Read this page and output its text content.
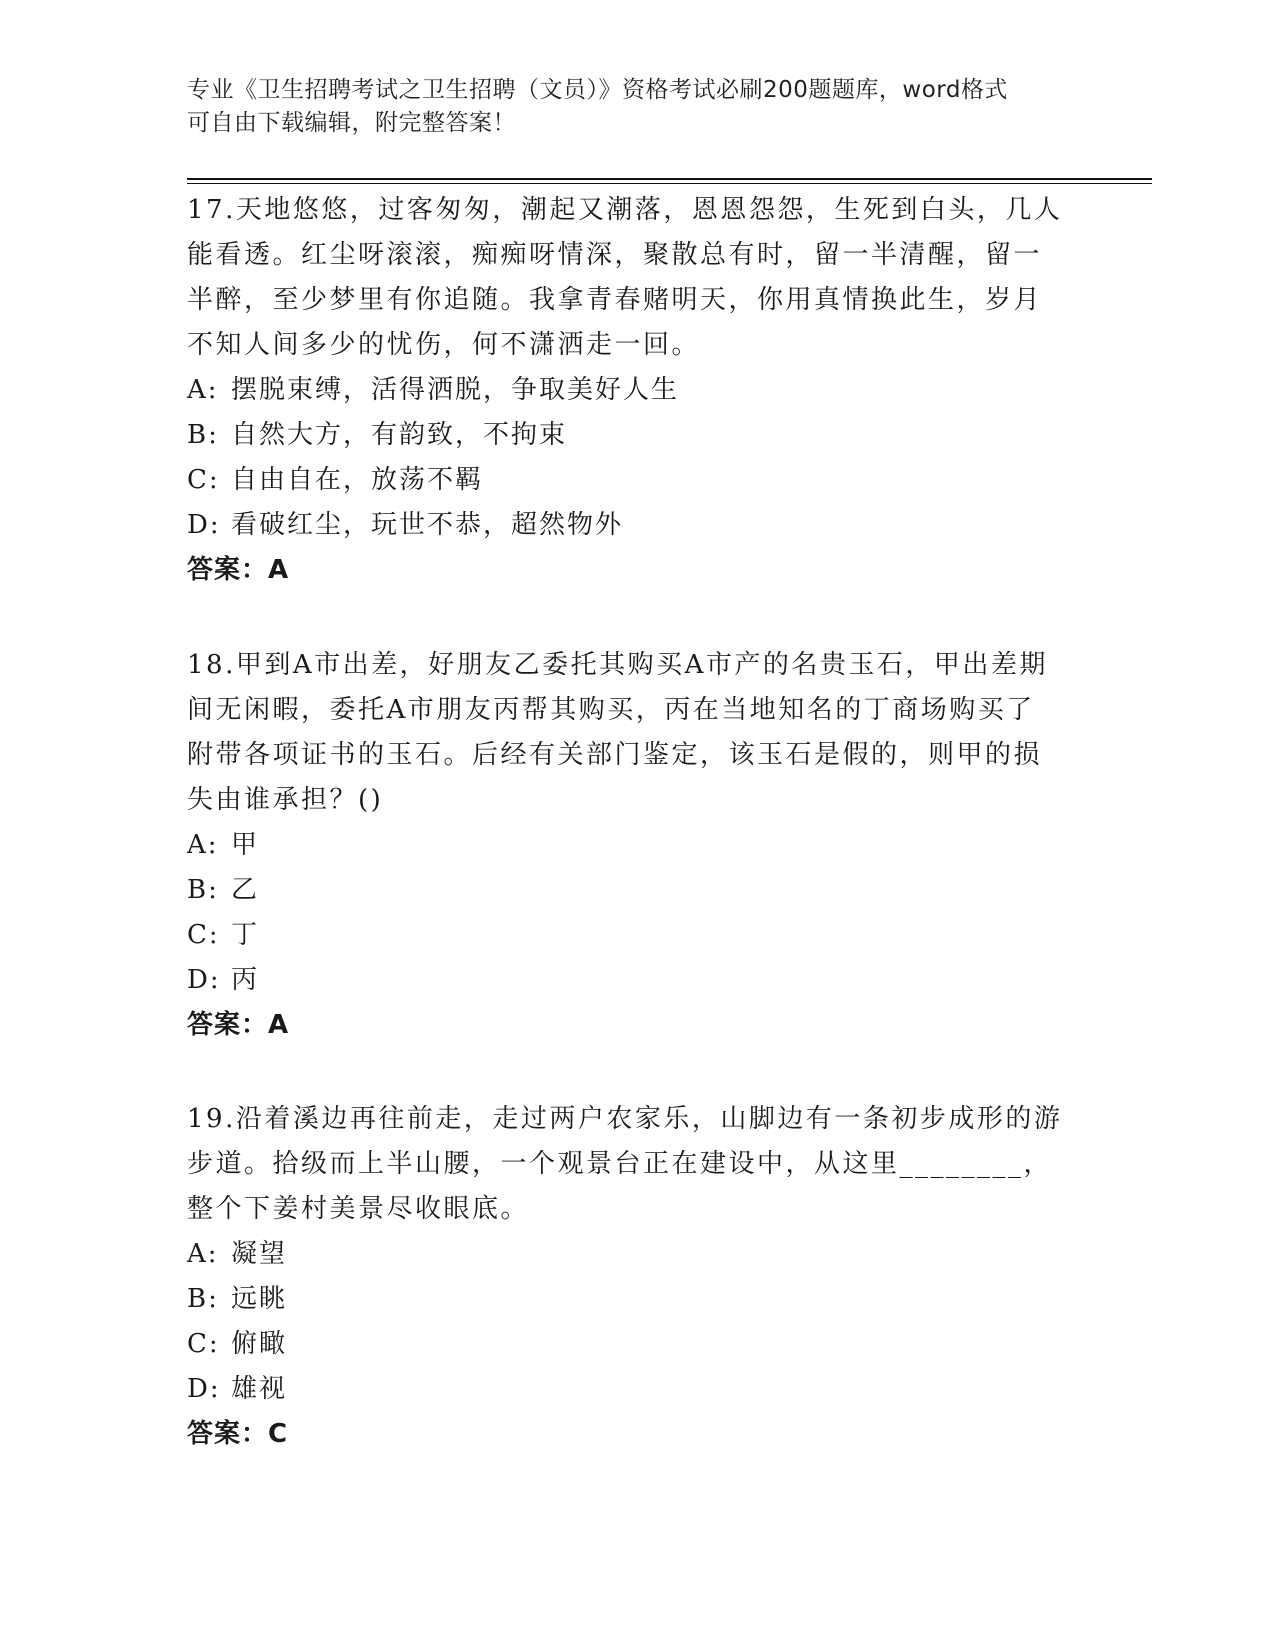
专业《卫生招聘考试之卫生招聘（文员）》资格考试必刷200题题库，word格式
可自由下载编辑，附完整答案！
17.天地悠悠，过客匆匆，潮起又潮落，恩恩怨怨，生死到白头，几人
能看透。红尘呀滚滚，痴痴呀情深，聚散总有时，留一半清醒，留一
半醉，至少梦里有你追随。我拿青春赌明天，你用真情换此生，岁月
不知人间多少的忧伤，何不潇洒走一回。
A: 摆脱束缚，活得洒脱，争取美好人生
B: 自然大方，有韵致，不拘束
C: 自由自在，放荡不羁
D: 看破红尘，玩世不恭，超然物外
答案：A
18.甲到A市出差，好朋友乙委托其购买A市产的名贵玉石，甲出差期
间无闲暇，委托A市朋友丙帮其购买，丙在当地知名的丁商场购买了
附带各项证书的玉石。后经有关部门鉴定，该玉石是假的，则甲的损
失由谁承担？()
A: 甲
B: 乙
C: 丁
D: 丙
答案：A
19.沿着溪边再往前走，走过两户农家乐，山脚边有一条初步成形的游
步道。拾级而上半山腰，一个观景台正在建设中，从这里________，
整个下姜村美景尽收眼底。
A: 凝望
B: 远眺
C: 俯瞰
D: 雄视
答案：C
